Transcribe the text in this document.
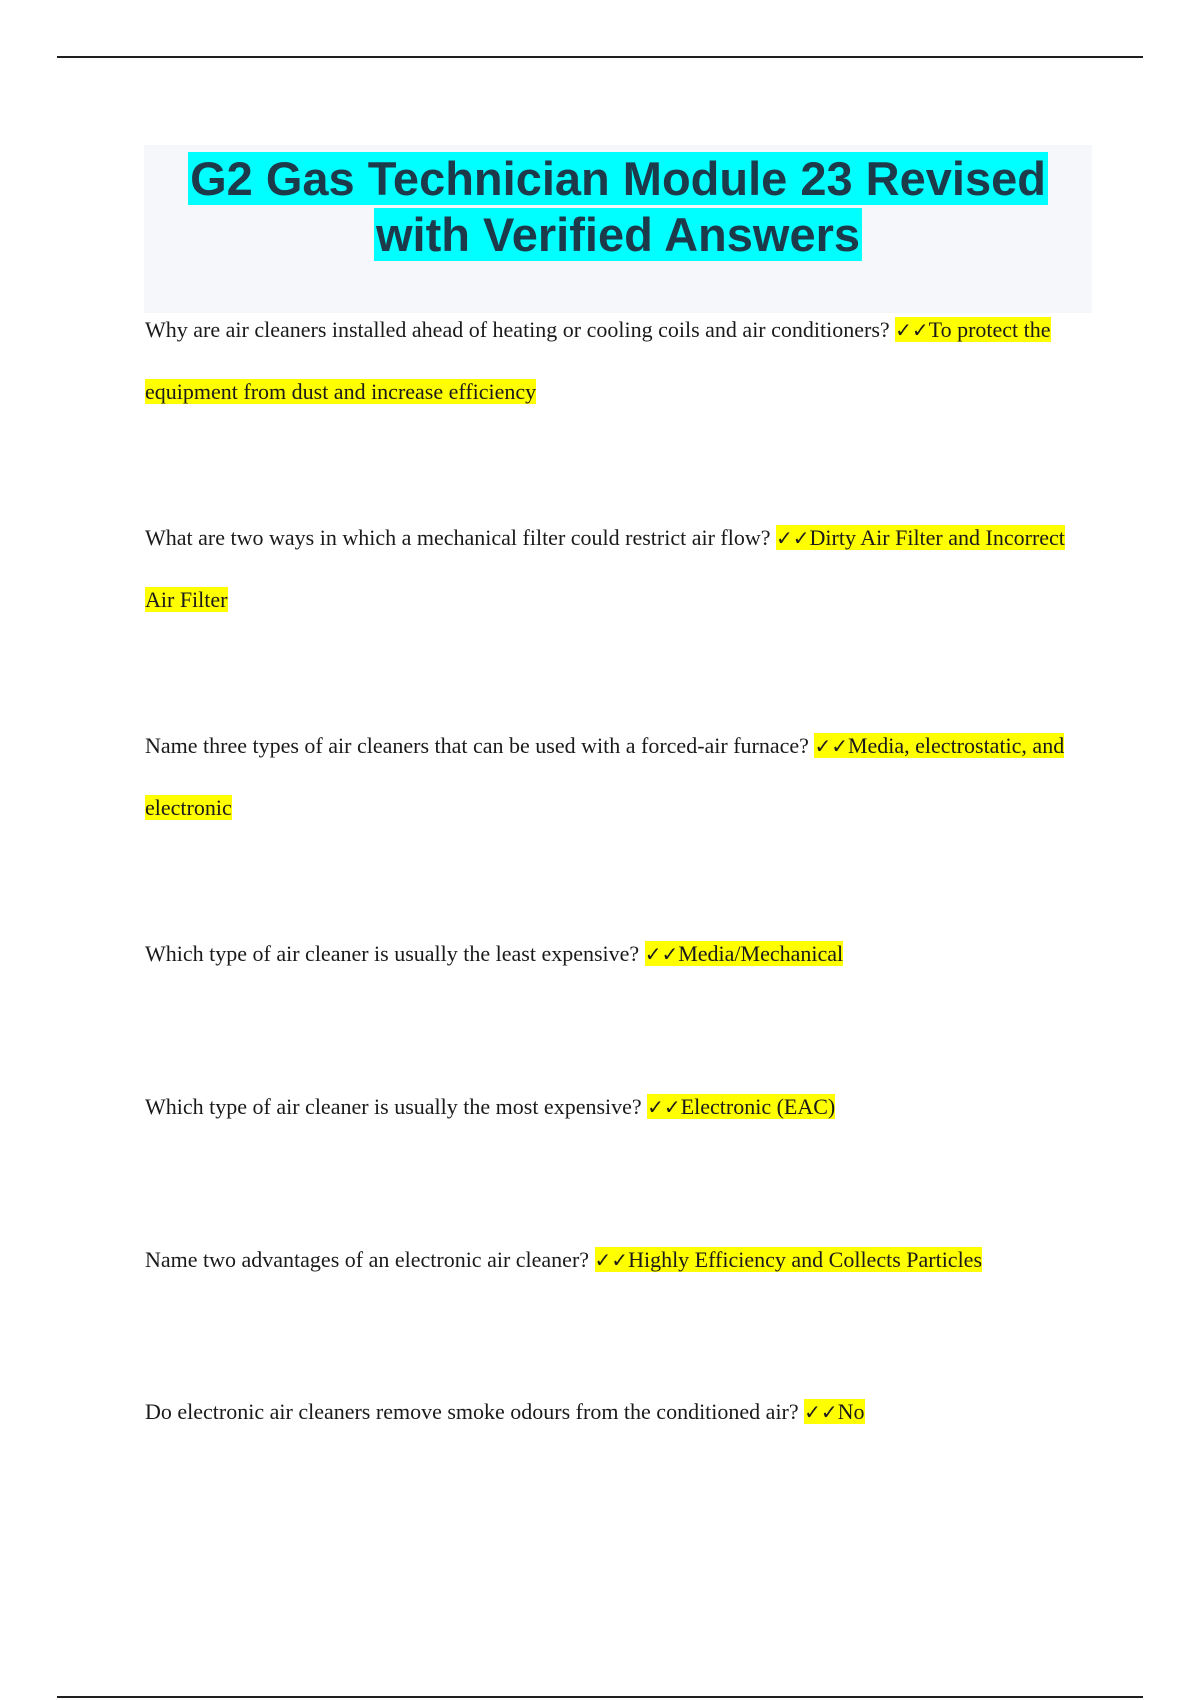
G2 Gas Technician Module 23 Revised
with Verified Answers

Why are air cleaners installed ahead of heating or cooling coils and air conditioners? ✓✓To protect the equipment from dust and increase efficiency

What are two ways in which a mechanical filter could restrict air flow? ✓✓Dirty Air Filter and Incorrect Air Filter

Name three types of air cleaners that can be used with a forced-air furnace? ✓✓Media, electrostatic, and electronic

Which type of air cleaner is usually the least expensive? ✓✓Media/Mechanical

Which type of air cleaner is usually the most expensive? ✓✓Electronic (EAC)

Name two advantages of an electronic air cleaner? ✓✓Highly Efficiency and Collects Particles

Do electronic air cleaners remove smoke odours from the conditioned air? ✓✓No
